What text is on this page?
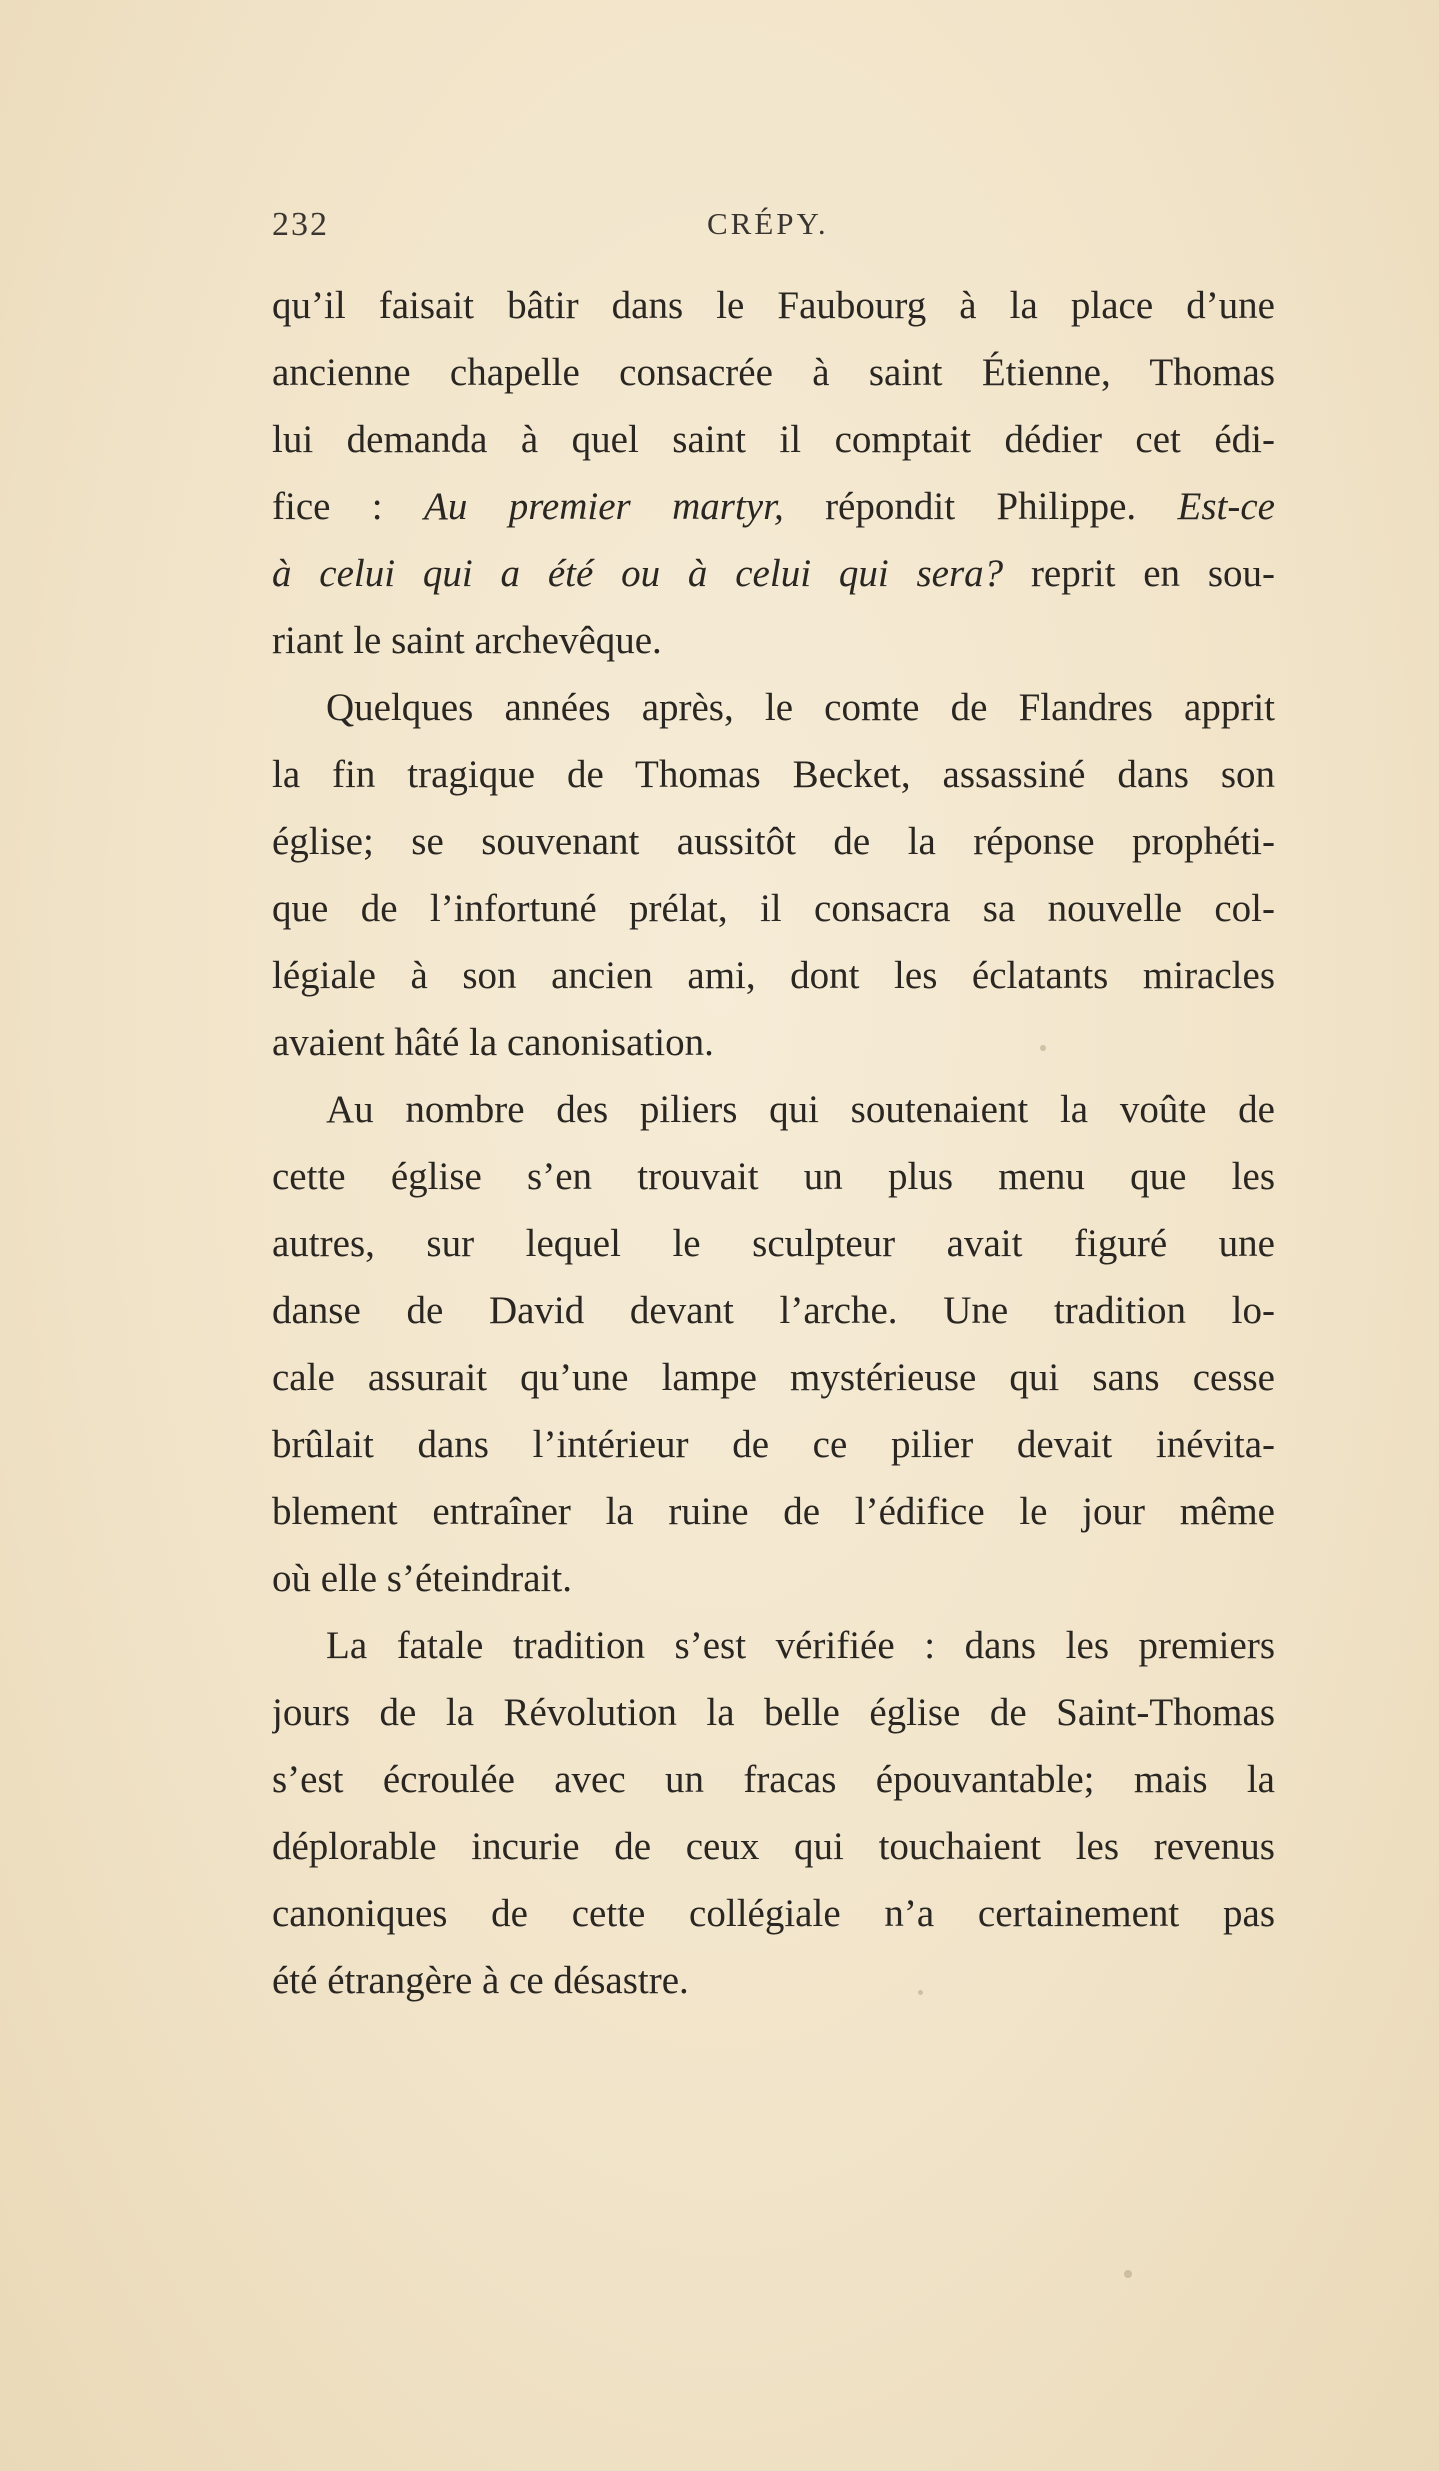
232	CRÉPY.
qu’il faisait bâtir dans le Faubourg à la place d’une
ancienne chapelle consacrée à saint Étienne, Thomas
lui demanda à quel saint il comptait dédier cet édi-
fice : Au premier martyr, répondit Philippe. Est-ce
à celui qui a été ou à celui qui sera? reprit en sou-
riant le saint archevêque.
Quelques années après, le comte de Flandres apprit
la fin tragique de Thomas Becket, assassiné dans son
église; se souvenant aussitôt de la réponse prophéti-
que de l’infortuné prélat, il consacra sa nouvelle col-
légiale à son ancien ami, dont les éclatants miracles
avaient hâté la canonisation.
Au nombre des piliers qui soutenaient la voûte de
cette église s’en trouvait un plus menu que les
autres, sur lequel le sculpteur avait figuré une
danse de David devant l’arche. Une tradition lo-
cale assurait qu’une lampe mystérieuse qui sans cesse
brûlait dans l’intérieur de ce pilier devait inévita-
blement entraîner la ruine de l’édifice le jour même
où elle s’éteindrait.
La fatale tradition s’est vérifiée : dans les premiers
jours de la Révolution la belle église de Saint-Thomas
s’est écroulée avec un fracas épouvantable; mais la
déplorable incurie de ceux qui touchaient les revenus
canoniques de cette collégiale n’a certainement pas
été étrangère à ce désastre.
